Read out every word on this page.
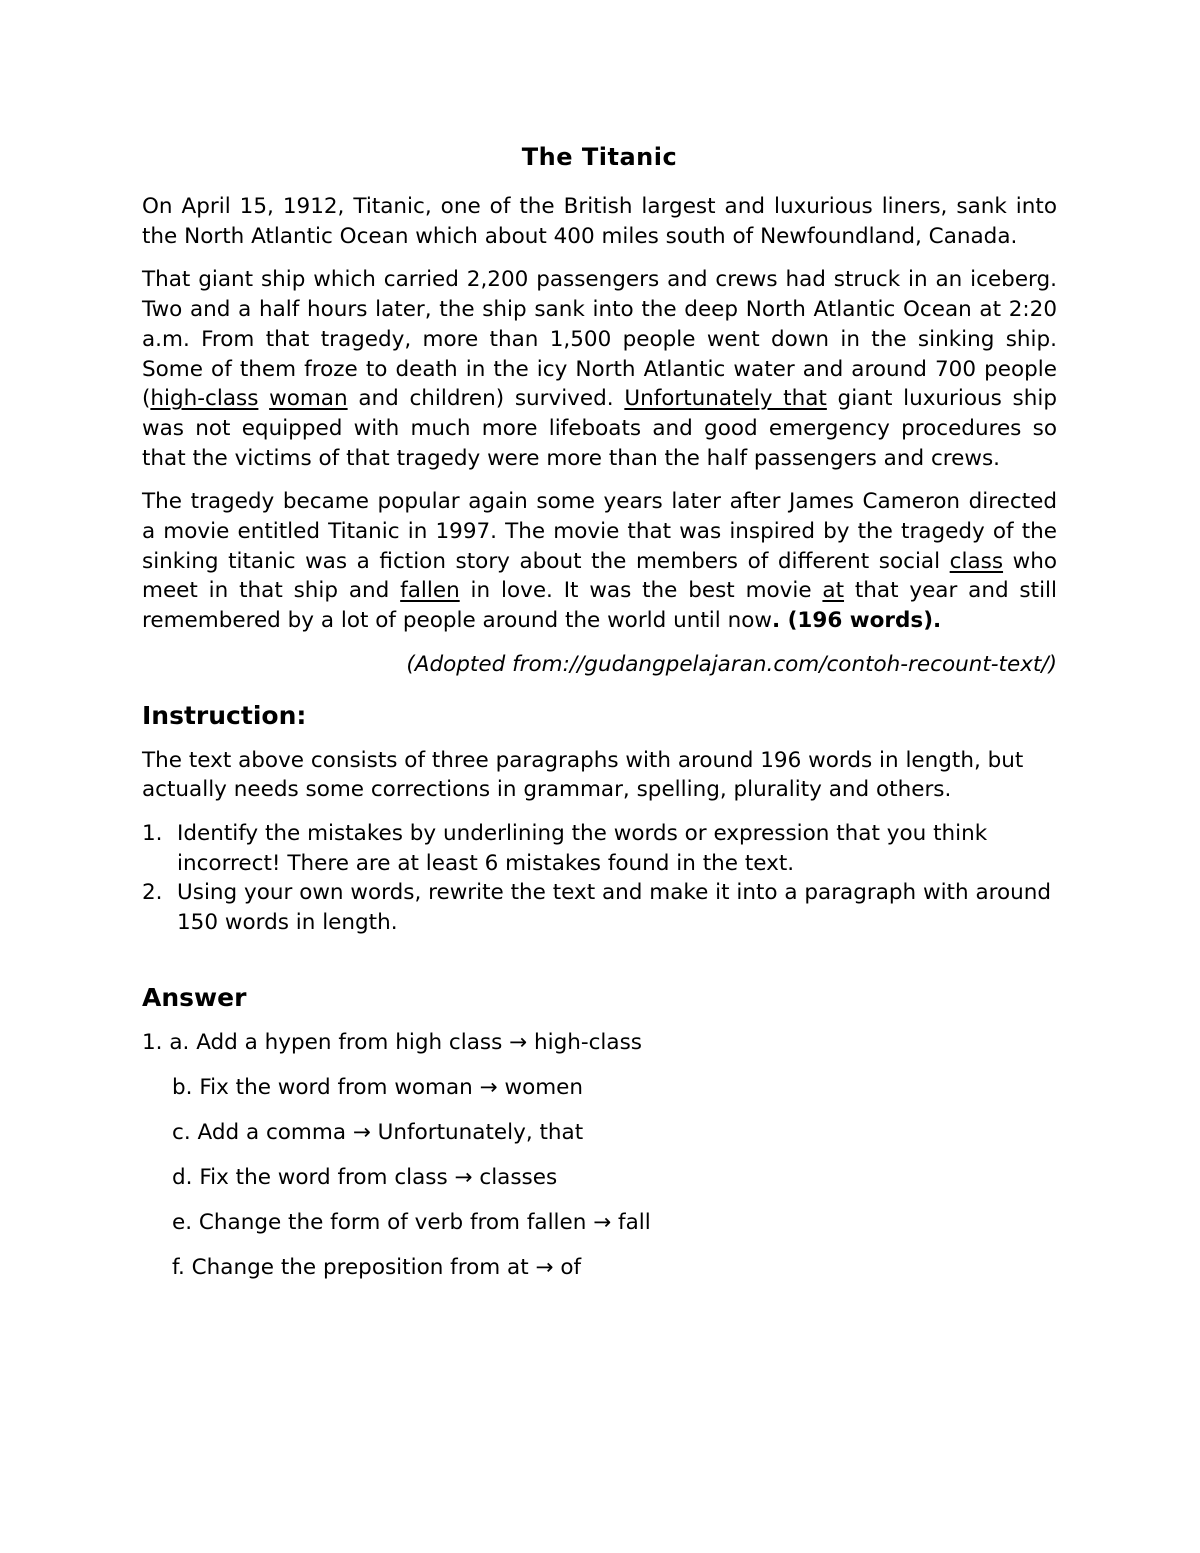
The Titanic

On April 15, 1912, Titanic, one of the British largest and luxurious liners, sank into the North Atlantic Ocean which about 400 miles south of Newfoundland, Canada.

That giant ship which carried 2,200 passengers and crews had struck in an iceberg. Two and a half hours later, the ship sank into the deep North Atlantic Ocean at 2:20 a.m. From that tragedy, more than 1,500 people went down in the sinking ship. Some of them froze to death in the icy North Atlantic water and around 700 people (high-class woman and children) survived. Unfortunately that giant luxurious ship was not equipped with much more lifeboats and good emergency procedures so that the victims of that tragedy were more than the half passengers and crews.

The tragedy became popular again some years later after James Cameron directed a movie entitled Titanic in 1997. The movie that was inspired by the tragedy of the sinking titanic was a fiction story about the members of different social class who meet in that ship and fallen in love. It was the best movie at that year and still remembered by a lot of people around the world until now. (196 words).

(Adopted from://gudangpelajaran.com/contoh-recount-text/)
Instruction:

The text above consists of three paragraphs with around 196 words in length, but actually needs some corrections in grammar, spelling, plurality and others.

1. Identify the mistakes by underlining the words or expression that you think incorrect! There are at least 6 mistakes found in the text.
2. Using your own words, rewrite the text and make it into a paragraph with around 150 words in length.
Answer
1. a. Add a hypen from high class → high-class
b. Fix the word from woman → women
c. Add a comma → Unfortunately, that
d. Fix the word from class → classes
e. Change the form of verb from fallen → fall
f. Change the preposition from at → of
